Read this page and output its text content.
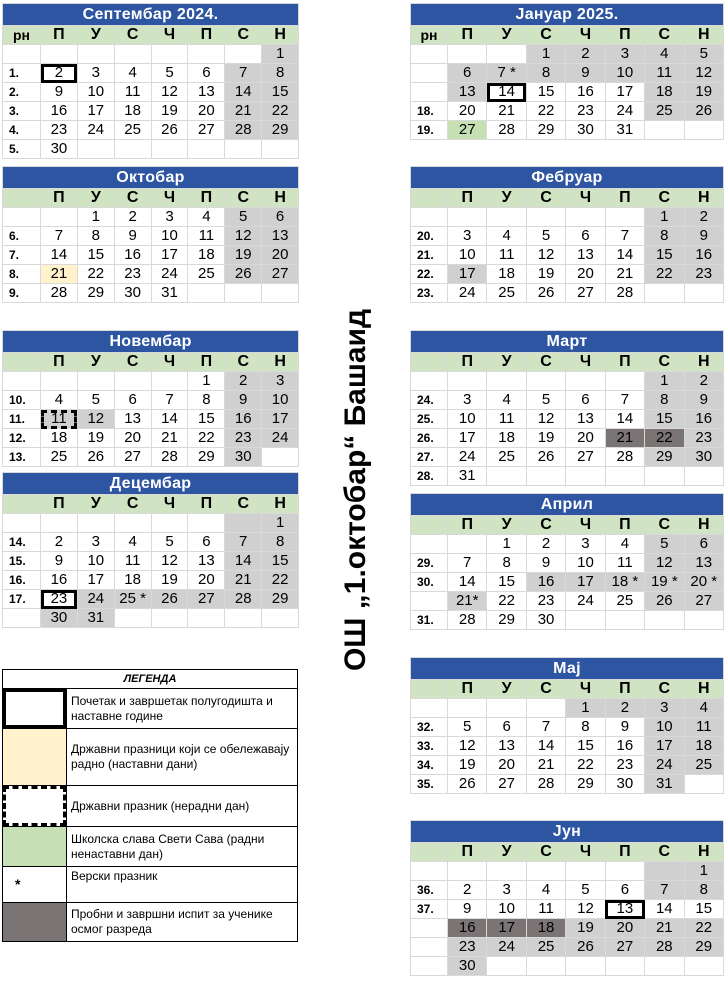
Септембар 2024.							
рн	П	У	С	Ч	П	С	Н
							1
1.	2	3	4	5	6	7	8
2.	9	10	11	12	13	14	15
3.	16	17	18	19	20	21	22
4.	23	24	25	26	27	28	29
5.	30						
Октобар							
	П	У	С	Ч	П	С	Н
		1	2	3	4	5	6
6.	7	8	9	10	11	12	13
7.	14	15	16	17	18	19	20
8.	21	22	23	24	25	26	27
9.	28	29	30	31			
Новембар							
	П	У	С	Ч	П	С	Н
					1	2	3
10.	4	5	6	7	8	9	10
11.	11	12	13	14	15	16	17
12.	18	19	20	21	22	23	24
13.	25	26	27	28	29	30	
Децембар							
	П	У	С	Ч	П	С	Н
							1
14.	2	3	4	5	6	7	8
15.	9	10	11	12	13	14	15
16.	16	17	18	19	20	21	22
17.	23	24	25 *	26	27	28	29
	30	31					
Јануар 2025.							
рн	П	У	С	Ч	П	С	Н
			1	2	3	4	5
	6	7 *	8	9	10	11	12
	13	14	15	16	17	18	19
18.	20	21	22	23	24	25	26
19.	27	28	29	30	31		
Фебруар							
	П	У	С	Ч	П	С	Н
						1	2
20.	3	4	5	6	7	8	9
21.	10	11	12	13	14	15	16
22.	17	18	19	20	21	22	23
23.	24	25	26	27	28		
Март							
	П	У	С	Ч	П	С	Н
						1	2
24.	3	4	5	6	7	8	9
25.	10	11	12	13	14	15	16
26.	17	18	19	20	21	22	23
27.	24	25	26	27	28	29	30
28.	31						
Април							
	П	У	С	Ч	П	С	Н
		1	2	3	4	5	6
29.	7	8	9	10	11	12	13
30.	14	15	16	17	18 *	19 *	20 *
	21*	22	23	24	25	26	27
31.	28	29	30				
Мај							
	П	У	С	Ч	П	С	Н
				1	2	3	4
32.	5	6	7	8	9	10	11
33.	12	13	14	15	16	17	18
34.	19	20	21	22	23	24	25
35.	26	27	28	29	30	31	
Јун							
	П	У	С	Ч	П	С	Н
							1
36.	2	3	4	5	6	7	8
37.	9	10	11	12	13	14	15
	16	17	18	19	20	21	22
	23	24	25	26	27	28	29
	30						
ОШ „1.октобар“ Башаид
ЛЕГЕНДА	

	Почетак и завршетак полугодишта и наставне године

	Државни празници који се обележавају радно (наставни дани)

	Државни празник (нерадни дан)

	Школска слава Свети Сава (радни ненаставни дан)
*	Верски празник

	Пробни и завршни испит за ученике осмог разреда
